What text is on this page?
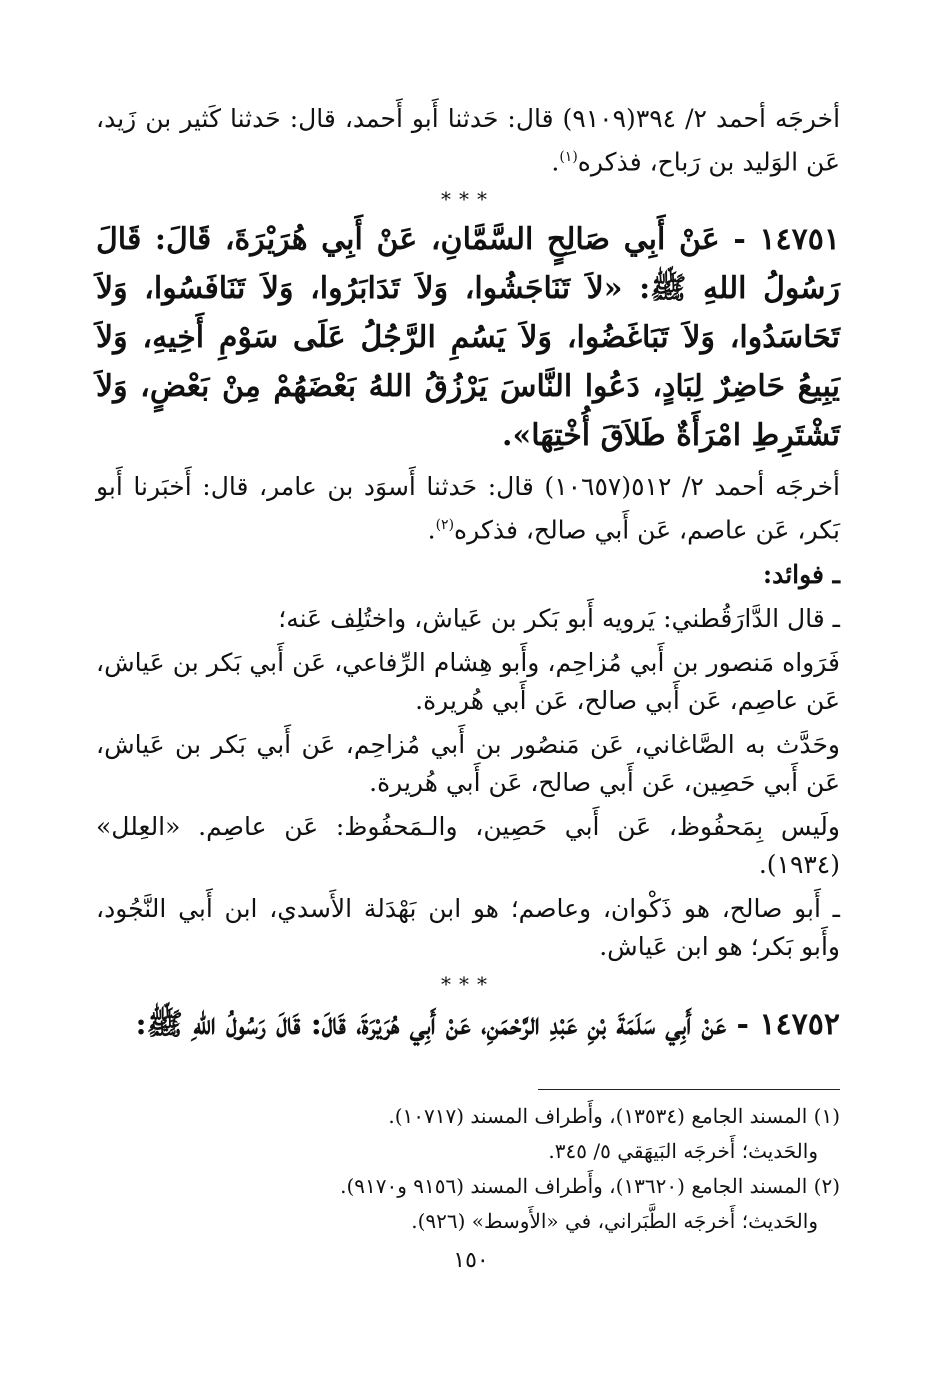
أخرجَه أحمد ٢/ ٣٩٤(٩١٠٩) قال: حَدثنا أَبو أَحمد، قال: حَدثنا كَثير بن زَيد، عَن الوَليد بن رَباح، فذكره$^{(١)}$.

***

١٤٧٥١ - عَنْ أَبِي صَالِحٍ السَّمَّانِ، عَنْ أَبِي هُرَيْرَةَ، قَالَ: قَالَ رَسُولُ اللهِ ﷺ: «لاَ تَنَاجَشُوا، وَلاَ تَدَابَرُوا، وَلاَ تَنَافَسُوا، وَلاَ تَحَاسَدُوا، وَلاَ تَبَاغَضُوا، وَلاَ يَسُمِ الرَّجُلُ عَلَى سَوْمِ أَخِيهِ، وَلاَ يَبِيعُ حَاضِرٌ لِبَادٍ، دَعُوا النَّاسَ يَرْزُقُ اللهُ بَعْضَهُمْ مِنْ بَعْضٍ، وَلاَ تَشْتَرِطِ امْرَأَةٌ طَلاَقَ أُخْتِهَا».

أخرجَه أحمد ٢/ ٥١٢(١٠٦٥٧) قال: حَدثنا أَسوَد بن عامر، قال: أَخبَرنا أَبو بَكر، عَن عاصم، عَن أَبي صالح، فذكره$^{(٢)}$.

ـ فوائد:

ـ قال الدَّارَقُطني: يَرويه أَبو بَكر بن عَياش، واختُلِف عَنه؛

فَرَواه مَنصور بن أَبي مُزاحِم، وأَبو هِشام الرِّفاعي، عَن أَبي بَكر بن عَياش، عَن عاصِم، عَن أَبي صالح، عَن أَبي هُريرة.

وحَدَّث به الصَّاغاني، عَن مَنصُور بن أَبي مُزاحِم، عَن أَبي بَكر بن عَياش، عَن أَبي حَصِين، عَن أَبي صالح، عَن أَبي هُريرة.

ولَيس بِمَحفُوظ، عَن أَبي حَصِين، والـمَحفُوظ: عَن عاصِم. «العِلل» (١٩٣٤).

ـ أَبو صالح، هو ذَكْوان، وعاصم؛ هو ابن بَهْدَلة الأَسدي، ابن أَبي النَّجُود، وأَبو بَكر؛ هو ابن عَياش.

***

١٤٧٥٢ - عَنْ أَبِي سَلَمَةَ بْنِ عَبْدِ الرَّحْمَنِ، عَنْ أَبِي هُرَيْرَةَ، قَالَ: قَالَ رَسُولُ اللهِ ﷺ:

(١) المسند الجامع (١٣٥٣٤)، وأَطراف المسند (١٠٧١٧).

والحَديث؛ أَخرجَه البَيهَقي ٥/ ٣٤٥.

(٢) المسند الجامع (١٣٦٢٠)، وأَطراف المسند (٩١٥٦ و٩١٧٠).

والحَديث؛ أَخرجَه الطَّبَراني، في «الأَوسط» (٩٢٦).

١٥٠
